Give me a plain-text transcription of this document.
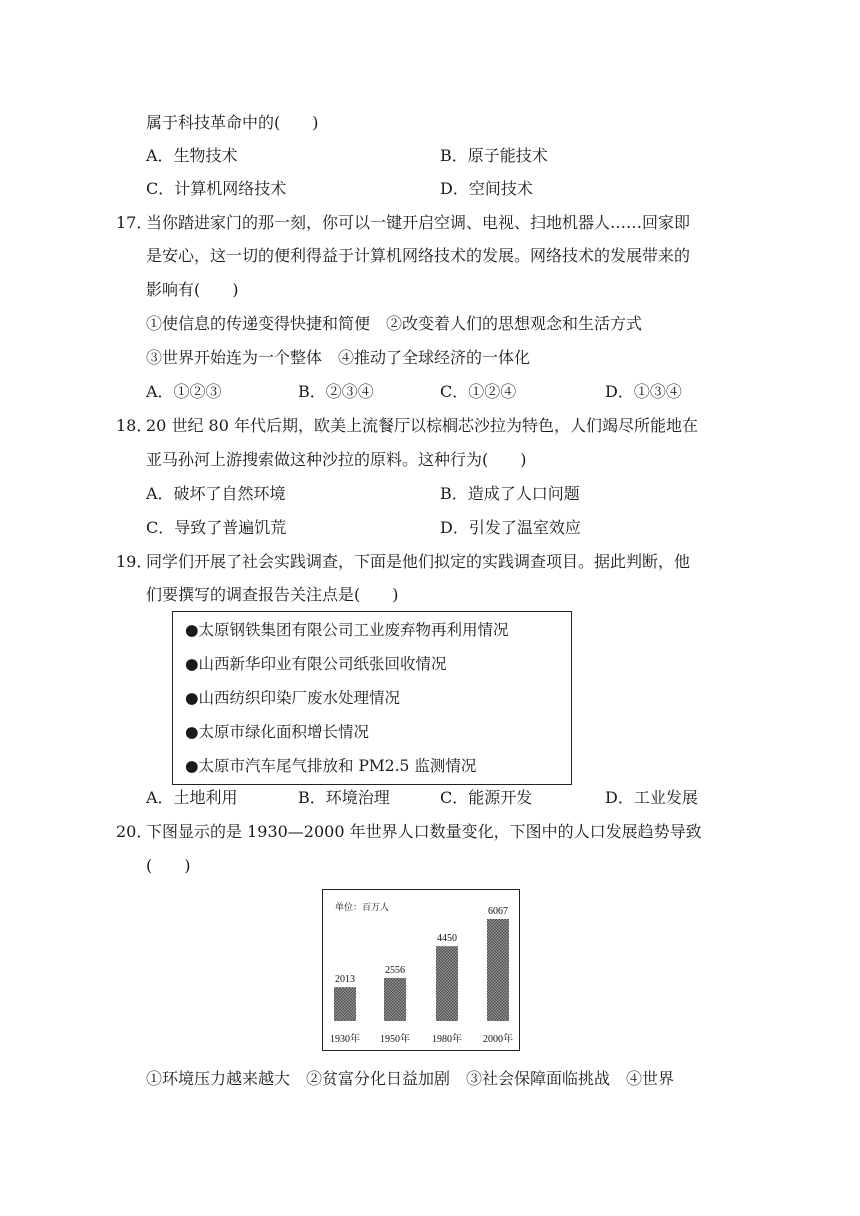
属于科技革命中的(　　)
A．生物技术	B．原子能技术
C．计算机网络技术	D．空间技术
17．
当你踏进家门的那一刻，你可以一键开启空调、电视、扫地机器人……回家即
是安心，这一切的便利得益于计算机网络技术的发展。网络技术的发展带来的
影响有(　　)
①使信息的传递变得快捷和简便　②改变着人们的思想观念和生活方式
③世界开始连为一个整体　④推动了全球经济的一体化
A．①②③	B．②③④	C．①②④	D．①③④
18．
20 世纪 80 年代后期，欧美上流餐厅以棕榈芯沙拉为特色，人们竭尽所能地在
亚马孙河上游搜索做这种沙拉的原料。这种行为(　　)
A．破坏了自然环境	B．造成了人口问题
C．导致了普遍饥荒	D．引发了温室效应
19．
同学们开展了社会实践调查，下面是他们拟定的实践调查项目。据此判断，他
们要撰写的调查报告关注点是(　　)
●太原钢铁集团有限公司工业废弃物再利用情况
●山西新华印业有限公司纸张回收情况
●山西纺织印染厂废水处理情况
●太原市绿化面积增长情况
●太原市汽车尾气排放和 PM2.5 监测情况
A．土地利用	B．环境治理	C．能源开发	D．工业发展
20．
下图显示的是 1930—2000 年世界人口数量变化，下图中的人口发展趋势导致
(　　)
单位：百万人
2013
1930年
2556
1950年
4450
1980年
6067
2000年
①环境压力越来越大　②贫富分化日益加剧　③社会保障面临挑战　④世界
